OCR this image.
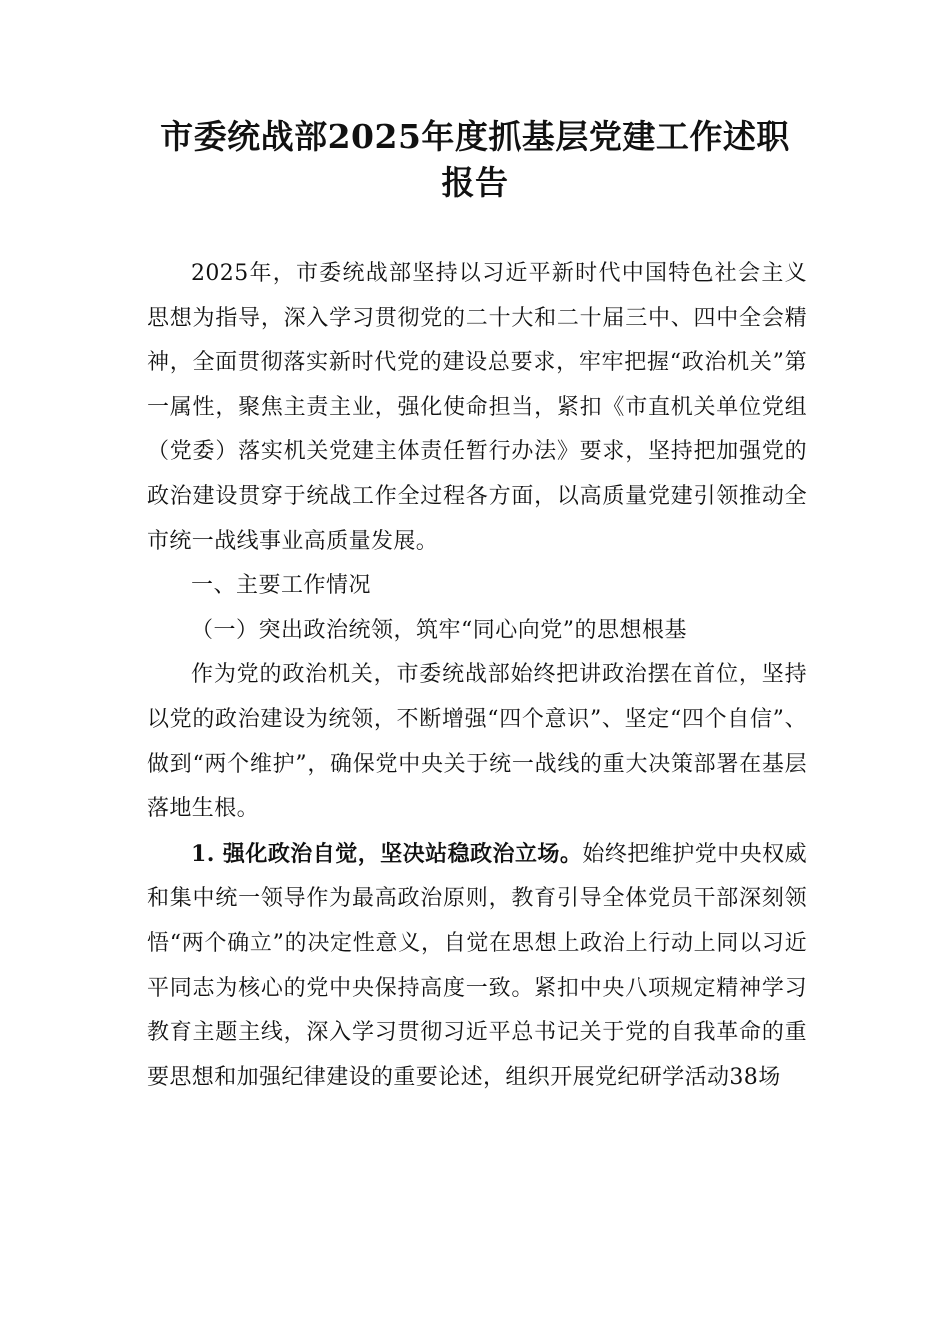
市委统战部2025年度抓基层党建工作述职
报告

2025年，市委统战部坚持以习近平新时代中国特色社会主义思想为指导，深入学习贯彻党的二十大和二十届三中、四中全会精神，全面贯彻落实新时代党的建设总要求，牢牢把握“政治机关”第一属性，聚焦主责主业，强化使命担当，紧扣《市直机关单位党组（党委）落实机关党建主体责任暂行办法》要求，坚持把加强党的政治建设贯穿于统战工作全过程各方面，以高质量党建引领推动全市统一战线事业高质量发展。

一、主要工作情况

（一）突出政治统领，筑牢“同心向党”的思想根基

作为党的政治机关，市委统战部始终把讲政治摆在首位，坚持以党的政治建设为统领，不断增强“四个意识”、坚定“四个自信”、做到“两个维护”，确保党中央关于统一战线的重大决策部署在基层落地生根。

1. 强化政治自觉，坚决站稳政治立场。始终把维护党中央权威和集中统一领导作为最高政治原则，教育引导全体党员干部深刻领悟“两个确立”的决定性意义，自觉在思想上政治上行动上同以习近平同志为核心的党中央保持高度一致。紧扣中央八项规定精神学习教育主题主线，深入学习贯彻习近平总书记关于党的自我革命的重要思想和加强纪律建设的重要论述，组织开展党纪研学活动38场
